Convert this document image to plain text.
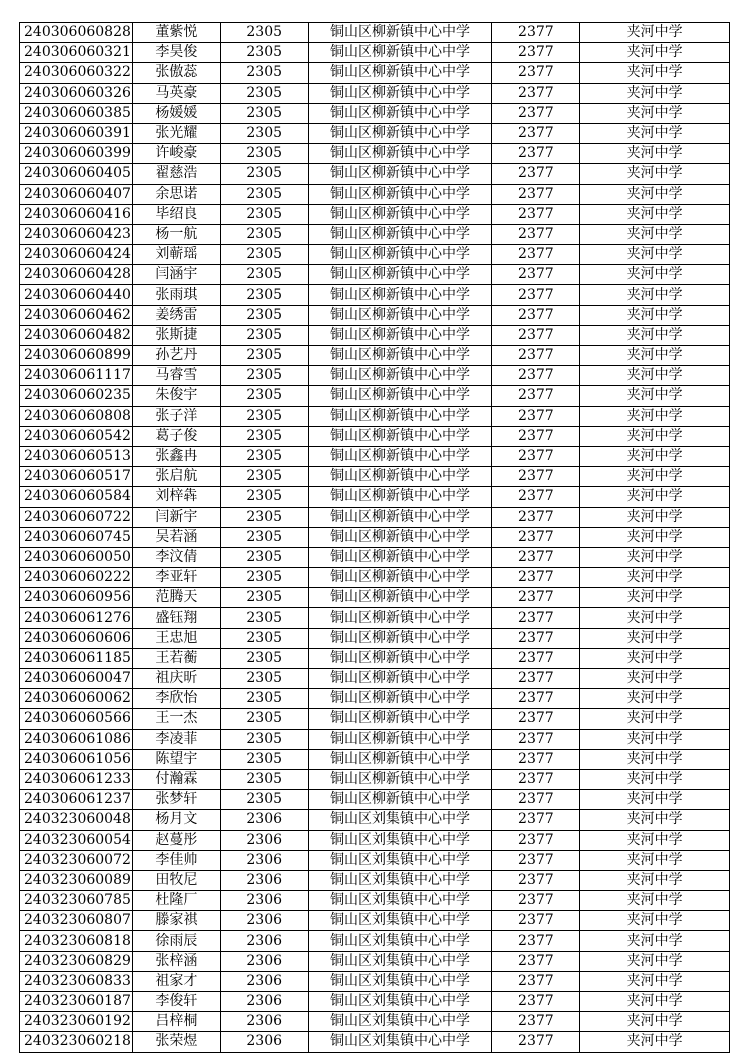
240306060828	董紫悦	2305	铜山区柳新镇中心中学	2377	夹河中学
240306060321	李昊俊	2305	铜山区柳新镇中心中学	2377	夹河中学
240306060322	张傲蕊	2305	铜山区柳新镇中心中学	2377	夹河中学
240306060326	马英豪	2305	铜山区柳新镇中心中学	2377	夹河中学
240306060385	杨媛媛	2305	铜山区柳新镇中心中学	2377	夹河中学
240306060391	张光耀	2305	铜山区柳新镇中心中学	2377	夹河中学
240306060399	许峻豪	2305	铜山区柳新镇中心中学	2377	夹河中学
240306060405	翟慈浩	2305	铜山区柳新镇中心中学	2377	夹河中学
240306060407	余思诺	2305	铜山区柳新镇中心中学	2377	夹河中学
240306060416	毕绍良	2305	铜山区柳新镇中心中学	2377	夹河中学
240306060423	杨一航	2305	铜山区柳新镇中心中学	2377	夹河中学
240306060424	刘蕲瑶	2305	铜山区柳新镇中心中学	2377	夹河中学
240306060428	闫涵宇	2305	铜山区柳新镇中心中学	2377	夹河中学
240306060440	张雨琪	2305	铜山区柳新镇中心中学	2377	夹河中学
240306060462	姜绣雷	2305	铜山区柳新镇中心中学	2377	夹河中学
240306060482	张斯捷	2305	铜山区柳新镇中心中学	2377	夹河中学
240306060899	孙艺丹	2305	铜山区柳新镇中心中学	2377	夹河中学
240306061117	马睿雪	2305	铜山区柳新镇中心中学	2377	夹河中学
240306060235	朱俊宇	2305	铜山区柳新镇中心中学	2377	夹河中学
240306060808	张子洋	2305	铜山区柳新镇中心中学	2377	夹河中学
240306060542	葛子俊	2305	铜山区柳新镇中心中学	2377	夹河中学
240306060513	张鑫冉	2305	铜山区柳新镇中心中学	2377	夹河中学
240306060517	张启航	2305	铜山区柳新镇中心中学	2377	夹河中学
240306060584	刘梓犇	2305	铜山区柳新镇中心中学	2377	夹河中学
240306060722	闫新宇	2305	铜山区柳新镇中心中学	2377	夹河中学
240306060745	吴若涵	2305	铜山区柳新镇中心中学	2377	夹河中学
240306060050	李汶倩	2305	铜山区柳新镇中心中学	2377	夹河中学
240306060222	李亚轩	2305	铜山区柳新镇中心中学	2377	夹河中学
240306060956	范腾天	2305	铜山区柳新镇中心中学	2377	夹河中学
240306061276	盛钰翔	2305	铜山区柳新镇中心中学	2377	夹河中学
240306060606	王忠旭	2305	铜山区柳新镇中心中学	2377	夹河中学
240306061185	王若蘅	2305	铜山区柳新镇中心中学	2377	夹河中学
240306060047	祖庆昕	2305	铜山区柳新镇中心中学	2377	夹河中学
240306060062	李欣怡	2305	铜山区柳新镇中心中学	2377	夹河中学
240306060566	王一杰	2305	铜山区柳新镇中心中学	2377	夹河中学
240306061086	李凌菲	2305	铜山区柳新镇中心中学	2377	夹河中学
240306061056	陈望宇	2305	铜山区柳新镇中心中学	2377	夹河中学
240306061233	付瀚霖	2305	铜山区柳新镇中心中学	2377	夹河中学
240306061237	张梦轩	2305	铜山区柳新镇中心中学	2377	夹河中学
240323060048	杨月文	2306	铜山区刘集镇中心中学	2377	夹河中学
240323060054	赵蔓彤	2306	铜山区刘集镇中心中学	2377	夹河中学
240323060072	李佳帅	2306	铜山区刘集镇中心中学	2377	夹河中学
240323060089	田牧尼	2306	铜山区刘集镇中心中学	2377	夹河中学
240323060785	杜隆厂	2306	铜山区刘集镇中心中学	2377	夹河中学
240323060807	滕家祺	2306	铜山区刘集镇中心中学	2377	夹河中学
240323060818	徐雨辰	2306	铜山区刘集镇中心中学	2377	夹河中学
240323060829	张梓涵	2306	铜山区刘集镇中心中学	2377	夹河中学
240323060833	祖家才	2306	铜山区刘集镇中心中学	2377	夹河中学
240323060187	李俊轩	2306	铜山区刘集镇中心中学	2377	夹河中学
240323060192	吕梓桐	2306	铜山区刘集镇中心中学	2377	夹河中学
240323060218	张荣煜	2306	铜山区刘集镇中心中学	2377	夹河中学
